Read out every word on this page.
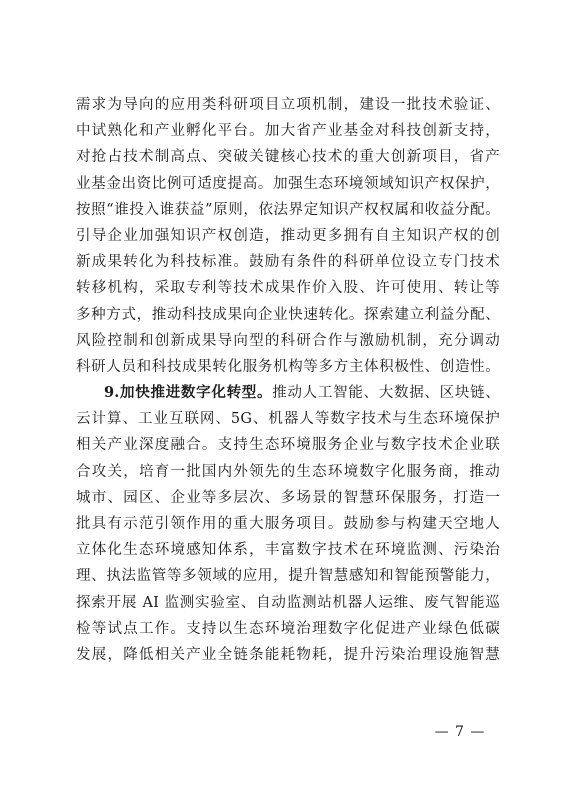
需求为导向的应用类科研项目立项机制，建设一批技术验证、
中试熟化和产业孵化平台。加大省产业基金对科技创新支持，
对抢占技术制高点、突破关键核心技术的重大创新项目，省产
业基金出资比例可适度提高。加强生态环境领域知识产权保护，
按照“谁投入谁获益”原则，依法界定知识产权权属和收益分配。
引导企业加强知识产权创造，推动更多拥有自主知识产权的创
新成果转化为科技标准。鼓励有条件的科研单位设立专门技术
转移机构，采取专利等技术成果作价入股、许可使用、转让等
多种方式，推动科技成果向企业快速转化。探索建立利益分配、
风险控制和创新成果导向型的科研合作与激励机制，充分调动
科研人员和科技成果转化服务机构等多方主体积极性、创造性。
9.加快推进数字化转型。推动人工智能、大数据、区块链、
云计算、工业互联网、5G、机器人等数字技术与生态环境保护
相关产业深度融合。支持生态环境服务企业与数字技术企业联
合攻关，培育一批国内外领先的生态环境数字化服务商，推动
城市、园区、企业等多层次、多场景的智慧环保服务，打造一
批具有示范引领作用的重大服务项目。鼓励参与构建天空地人
立体化生态环境感知体系，丰富数字技术在环境监测、污染治
理、执法监管等多领域的应用，提升智慧感知和智能预警能力，
探索开展 AI 监测实验室、自动监测站机器人运维、废气智能巡
检等试点工作。支持以生态环境治理数字化促进产业绿色低碳
发展，降低相关产业全链条能耗物耗，提升污染治理设施智慧
— 7 —
